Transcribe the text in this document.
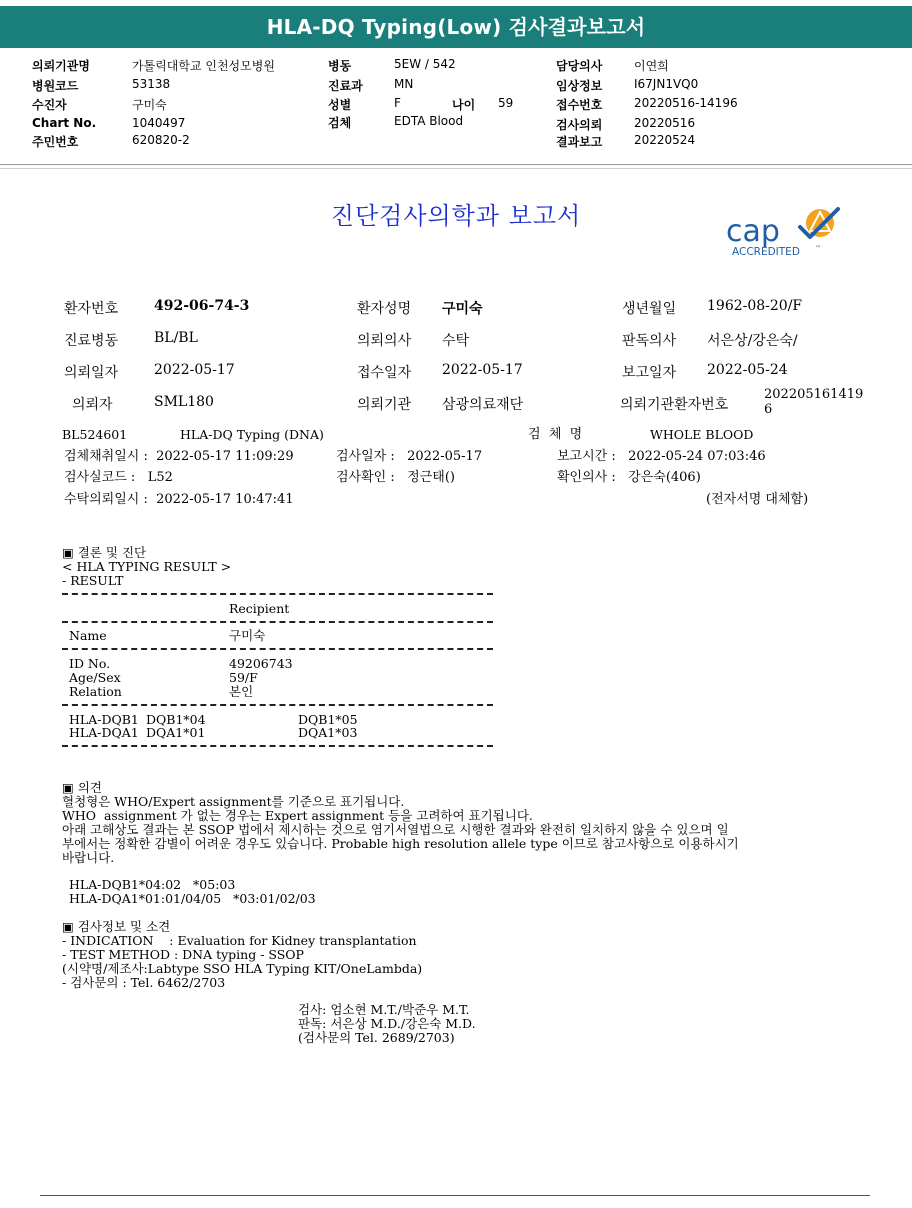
HLA-DQ Typing(Low) 검사결과보고서
의뢰기관명	가톨릭대학교 인천성모병원
병원코드	53138
수진자	구미숙
Chart No.	1040497
주민번호	620820-2
병동	5EW / 542
진료과	MN
성별	F	나이 59
검체	EDTA Blood
담당의사	이연희
임상정보	I67JN1VQ0
접수번호	20220516-14196
검사의뢰	20220516
결과보고	20220524
진단검사의학과 보고서	cap
ACCREDITED	™
환자번호	492-06-74-3	환자성명 구미숙	생년월일 1962-08-20/F
진료병동	BL/BL	의뢰의사 수탁	판독의사 서은상/강은숙/
의뢰일자	2022-05-17	접수일자 2022-05-17	보고일자 2022-05-24
의뢰자	SML180	의뢰기관 삼광의료재단	의뢰기관환자번호
202205161419
6
BL524601	HLA-DQ Typing (DNA)	검  체  명	WHOLE BLOOD
검체채취일시 :  2022-05-17 11:09:29	검사일자 :   2022-05-17	보고시간 :   2022-05-24 07:03:46
검사실코드 :   L52	검사확인 :   정근태()	확인의사 :   강은숙(406)
수탁의뢰일시 :  2022-05-17 10:47:41	(전자서명 대체함)
▣ 결론 및 진단
< HLA TYPING RESULT >
- RESULT
Recipient
Name	구미숙
ID No.	49206743
Age/Sex	59/F
Relation	본인
HLA-DQB1 DQB1*04	DQB1*05
HLA-DQA1 DQA1*01	DQA1*03
▣ 의견
혈청형은 WHO/Expert assignment를 기준으로 표기됩니다.
WHO  assignment 가 없는 경우는 Expert assignment 등을 고려하여 표기됩니다.
아래 고해상도 결과는 본 SSOP 법에서 제시하는 것으로 염기서열법으로 시행한 결과와 완전히 일치하지 않을 수 있으며 일
부에서는 정확한 감별이 어려운 경우도 있습니다. Probable high resolution allele type 이므로 참고사항으로 이용하시기
바랍니다.
HLA-DQB1*04:02   *05:03
HLA-DQA1*01:01/04/05   *03:01/02/03
▣ 검사정보 및 소견
- INDICATION    : Evaluation for Kidney transplantation
- TEST METHOD : DNA typing - SSOP
(시약명/제조사:Labtype SSO HLA Typing KIT/OneLambda)
- 검사문의 : Tel. 6462/2703
검사: 엄소현 M.T./박준우 M.T.
판독: 서은상 M.D./강은숙 M.D.
(검사문의 Tel. 2689/2703)
